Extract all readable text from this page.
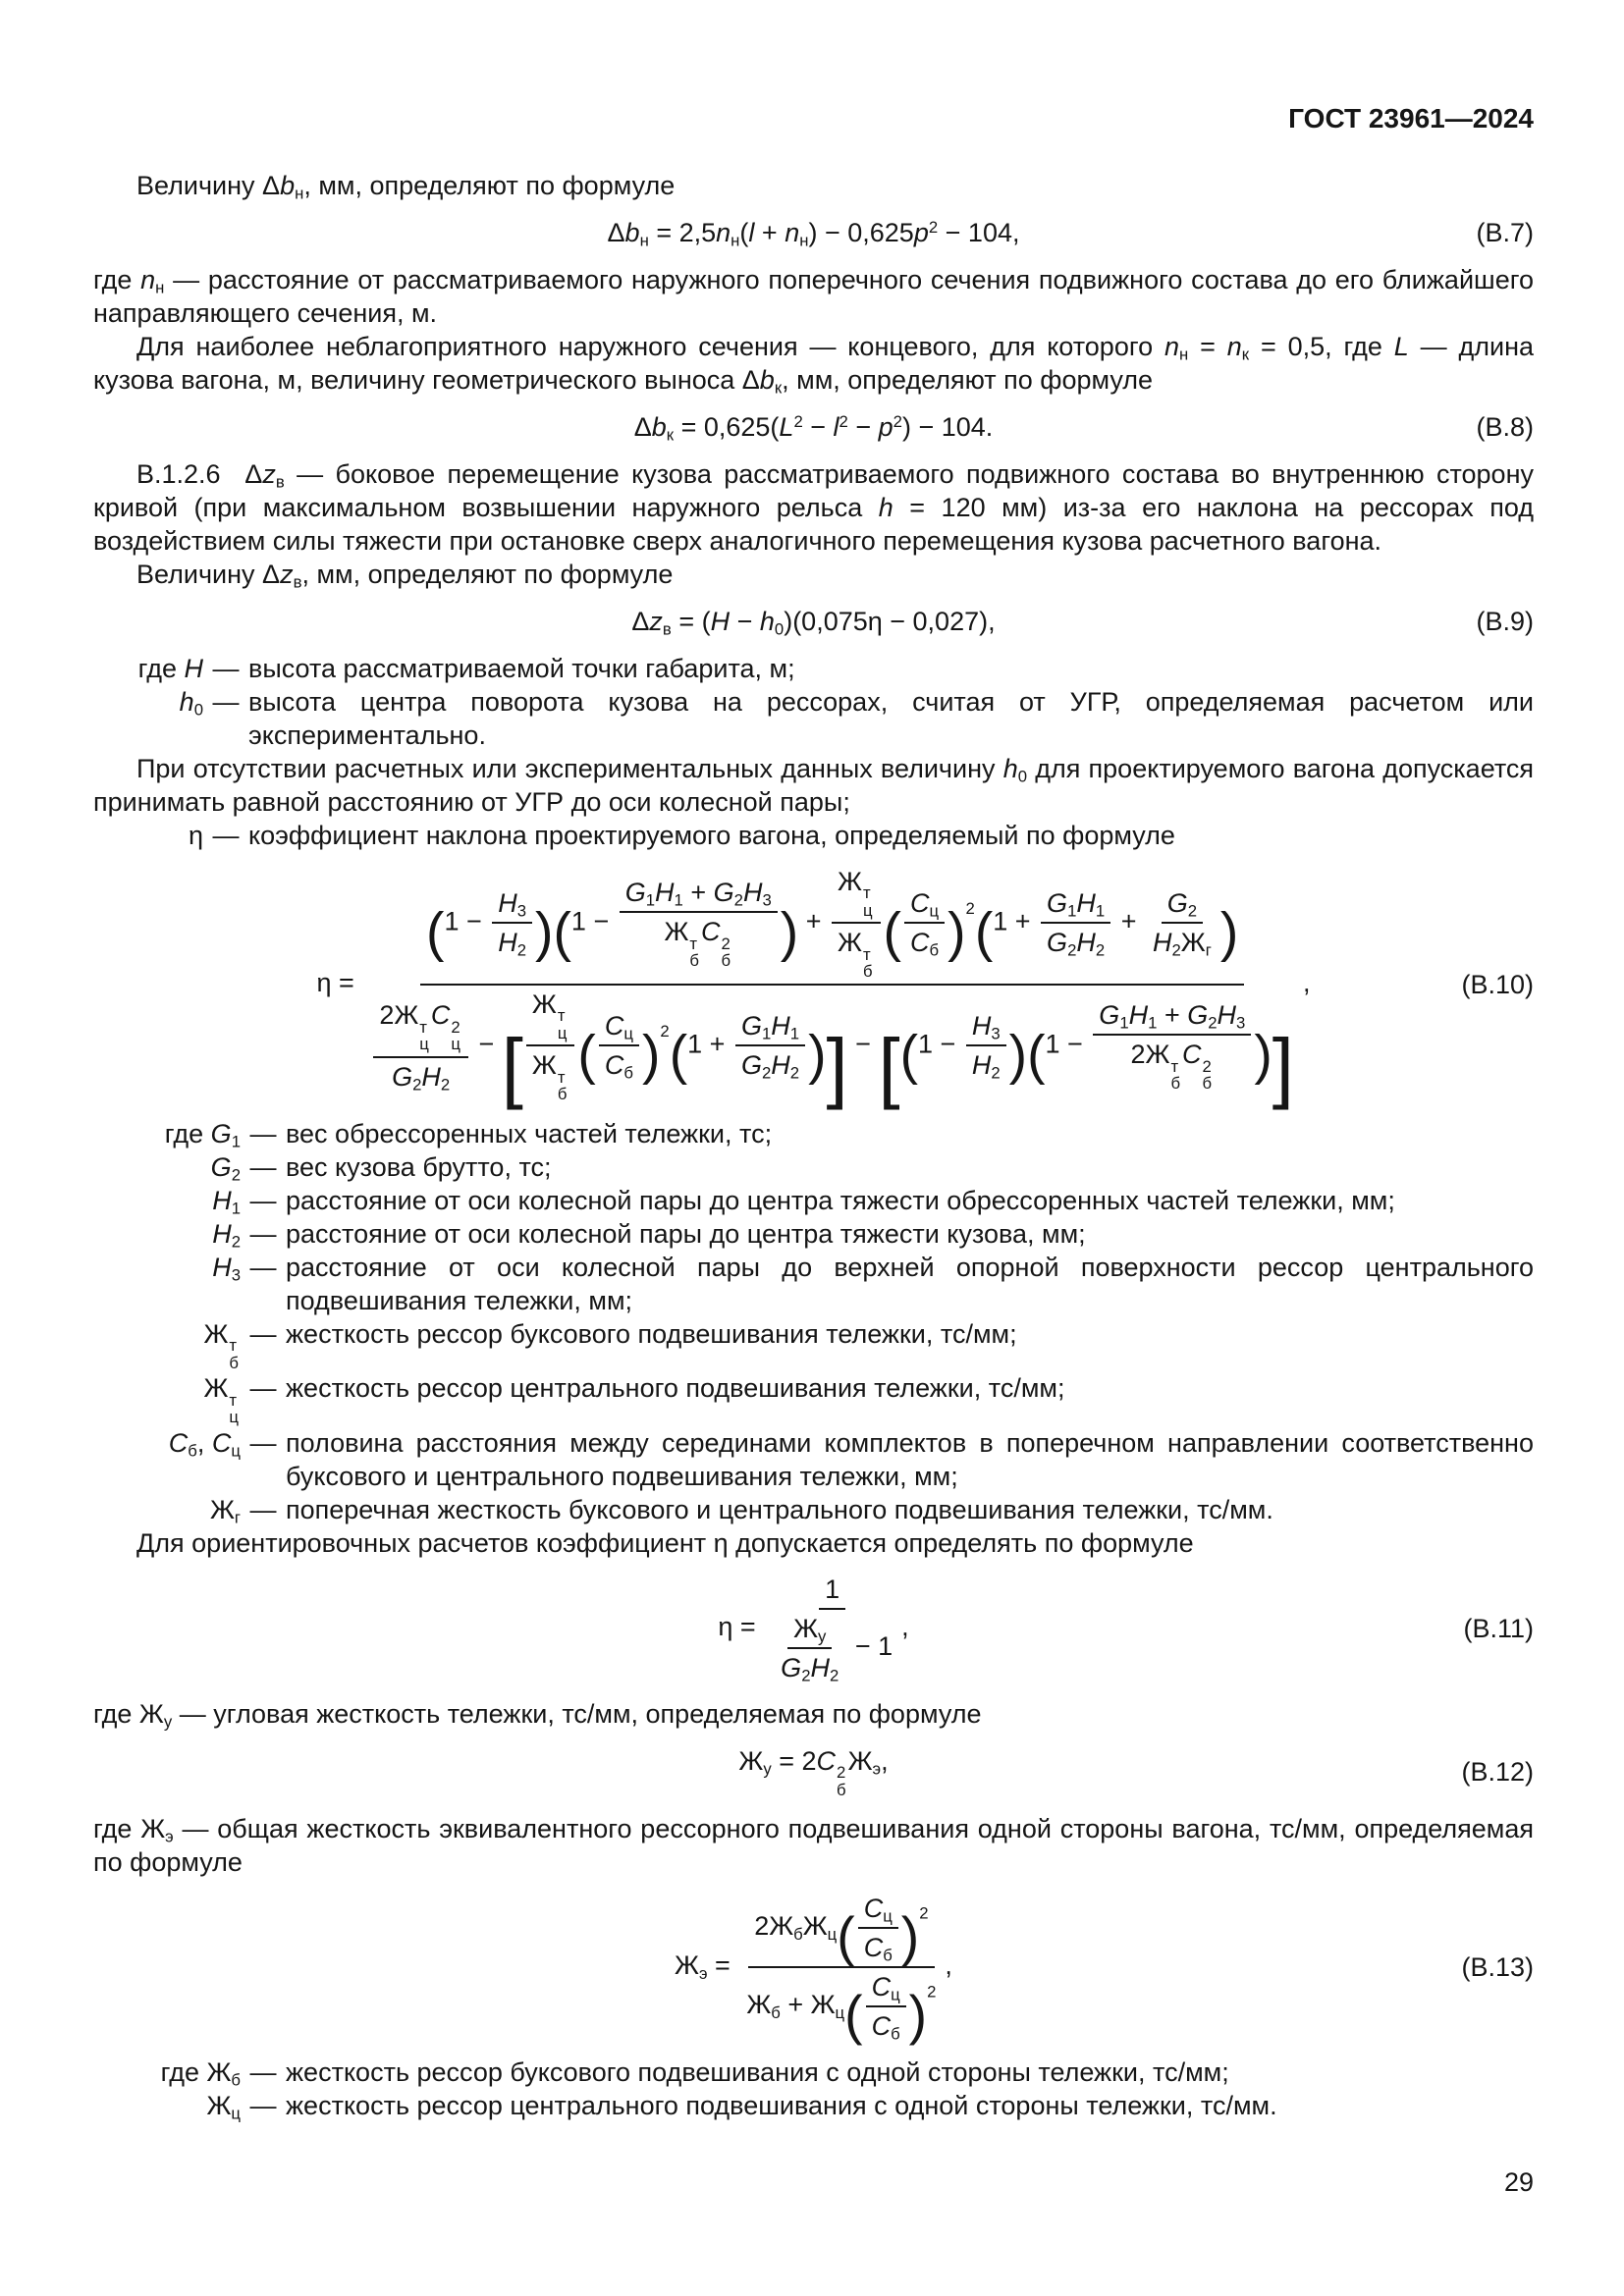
ГОСТ 23961—2024

Величину $\Delta b_н$, мм, определяют по формуле

$\Delta b_н = 2,5n_н(l + n_н) - 0,625p^2 - 104$,	(В.7)

где $n_н$ — расстояние от рассматриваемого наружного поперечного сечения подвижного состава до его ближайшего направляющего сечения, м.

Для наиболее неблагоприятного наружного сечения — концевого, для которого $n_н = n_к = 0,5$, где L — длина кузова вагона, м, величину геометрического выноса $\Delta b_к$, мм, определяют по формуле

$\Delta b_к = 0,625(L^2 - l^2 - p^2) - 104$.	(В.8)

В.1.2.6  $\Delta z_в$ — боковое перемещение кузова рассматриваемого подвижного состава во внутреннюю сторону кривой (при максимальном возвышении наружного рельса h = 120 мм) из-за его наклона на рессорах под воздействием силы тяжести при остановке сверх аналогичного перемещения кузова расчетного вагона.

Величину $\Delta z_в$, мм, определяют по формуле

$\Delta z_в = (H - h_0)(0,075\eta - 0,027)$,	(В.9)
где H — высота рассматриваемой точки габарита, м;
$h_0$ — высота центра поворота кузова на рессорах, считая от УГР, определяемая расчетом или экспериментально.

При отсутствии расчетных или экспериментальных данных величину $h_0$ для проектируемого вагона допускается принимать равной расстоянию от УГР до оси колесной пары;

η — коэффициент наклона проектируемого вагона, определяемый по формуле
η =
$(1 - \frac{H_3}{H_2} )(1$ −
$G_1H_1 + G_2H_3$
Ж т
б
C 2
б ) +
Ж т
ц
Ж т
б
( $C_ц$
$C_б$ )$^2(1 + \frac{G_1H_1}{G_2H_2}$ +
$G_2$
$H_2Ж_г$ )
2Ж т
ц
C 2
ц
$G_2H_2$
− [
Ж т
ц
Ж т
б
( $C_ц$
$C_б$ )$^2(1 + \frac{G_1H_1}{G_2H_2}$ )] − [$(1 - \frac{H_3}{H_2} )(1$ −
$G_1H_1 + G_2H_3$
2Ж т
б
C 2
б )]
,	(В.10)
где $G_1$ — вес обрессоренных частей тележки, тс;
$G_2$ — вес кузова брутто, тс;
$H_1$ — расстояние от оси колесной пары до центра тяжести обрессоренных частей тележки, мм;
$H_2$ — расстояние от оси колесной пары до центра тяжести кузова, мм;
$H_3$ — расстояние от оси колесной пары до верхней опорной поверхности рессор центрального подвешивания тележки, мм;
Ж т
б
— жесткость рессор буксового подвешивания тележки, тс/мм;
Ж т
ц
— жесткость рессор центрального подвешивания тележки, тс/мм;
$C_б$, $C_ц$ — половина расстояния между серединами комплектов в поперечном направлении соответственно буксового и центрального подвешивания тележки, мм;
$Ж_г$ — поперечная жесткость буксового и центрального подвешивания тележки, тс/мм.

Для ориентировочных расчетов коэффициент η допускается определять по формуле

η =
1
$Ж_у$
$G_2H_2$
− 1
,	(В.11)

где $Ж_у$ — угловая жесткость тележки, тс/мм, определяемая по формуле

$Ж_у = 2C$ 2
б
$Ж_э$,	(В.12)

где $Ж_э$ — общая жесткость эквивалентного рессорного подвешивания одной стороны вагона, тс/мм, определяемая по формуле

$Ж_э$ =
$2Ж_бЖ_ц$( $C_ц$
$C_б$ )$^2$
$Ж_б + Ж_ц$( $C_ц$
$C_б$ )$^2$
,	(В.13)
где $Ж_б$ — жесткость рессор буксового подвешивания с одной стороны тележки, тс/мм;
$Ж_ц$ — жесткость рессор центрального подвешивания с одной стороны тележки, тс/мм.
29
